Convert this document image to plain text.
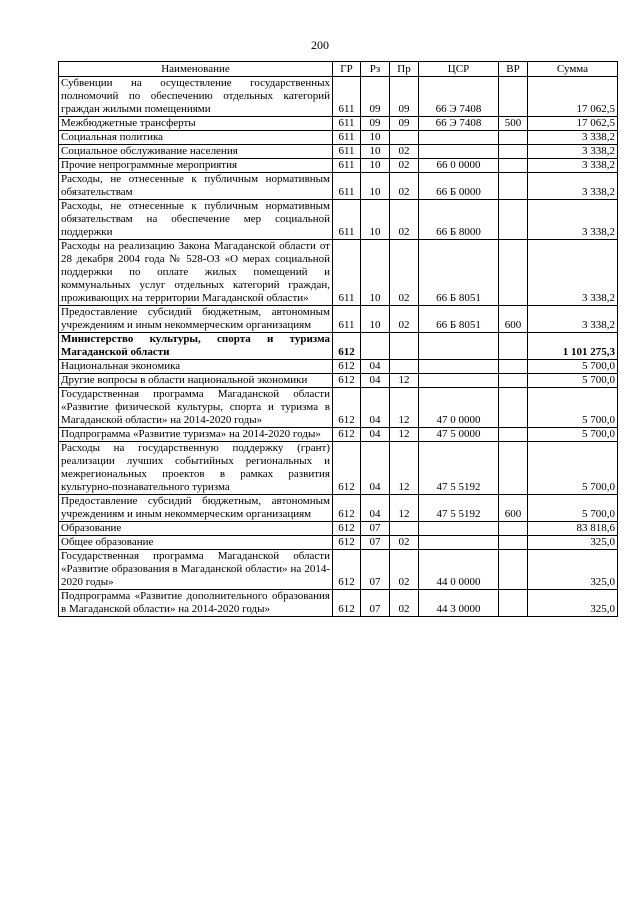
200
Наименование	ГР	Рз	Пр	ЦСР	ВР	Сумма
Субвенции на осуществление государственных полномочий по обеспечению отдельных категорий граждан жилыми помещениями	611	09	09	66 Э 7408		17 062,5
Межбюджетные трансферты	611	09	09	66 Э 7408	500	17 062,5
Социальная политика	611	10				3 338,2
Социальное обслуживание населения	611	10	02			3 338,2
Прочие непрограммные мероприятия	611	10	02	66 0 0000		3 338,2
Расходы, не отнесенные к публичным нормативным обязательствам	611	10	02	66 Б 0000		3 338,2
Расходы, не отнесенные к публичным нормативным обязательствам на обеспечение мер социальной поддержки	611	10	02	66 Б 8000		3 338,2
Расходы на реализацию Закона Магаданской области от 28 декабря 2004 года № 528-ОЗ «О мерах социальной поддержки по оплате жилых помещений и коммунальных услуг отдельных категорий граждан, проживающих на территории Магаданской области»	611	10	02	66 Б 8051		3 338,2
Предоставление субсидий бюджетным, автономным учреждениям и иным некоммерческим организациям	611	10	02	66 Б 8051	600	3 338,2
Министерство культуры, спорта и туризма Магаданской области	612					1 101 275,3
Национальная экономика	612	04				5 700,0
Другие вопросы в области национальной экономики	612	04	12			5 700,0
Государственная программа Магаданской области «Развитие физической культуры, спорта и туризма в Магаданской области» на 2014-2020 годы»	612	04	12	47 0 0000		5 700,0
Подпрограмма «Развитие туризма» на 2014-2020 годы»	612	04	12	47 5 0000		5 700,0
Расходы на государственную поддержку (грант) реализации лучших событийных региональных и межрегиональных проектов в рамках развития культурно-познавательного туризма	612	04	12	47 5 5192		5 700,0
Предоставление субсидий бюджетным, автономным учреждениям и иным некоммерческим организациям	612	04	12	47 5 5192	600	5 700,0
Образование	612	07				83 818,6
Общее образование	612	07	02			325,0
Государственная программа Магаданской области «Развитие образования в Магаданской области» на 2014-2020 годы»	612	07	02	44 0 0000		325,0
Подпрограмма «Развитие дополнительного образования в Магаданской области» на 2014-2020 годы»	612	07	02	44 3 0000		325,0
